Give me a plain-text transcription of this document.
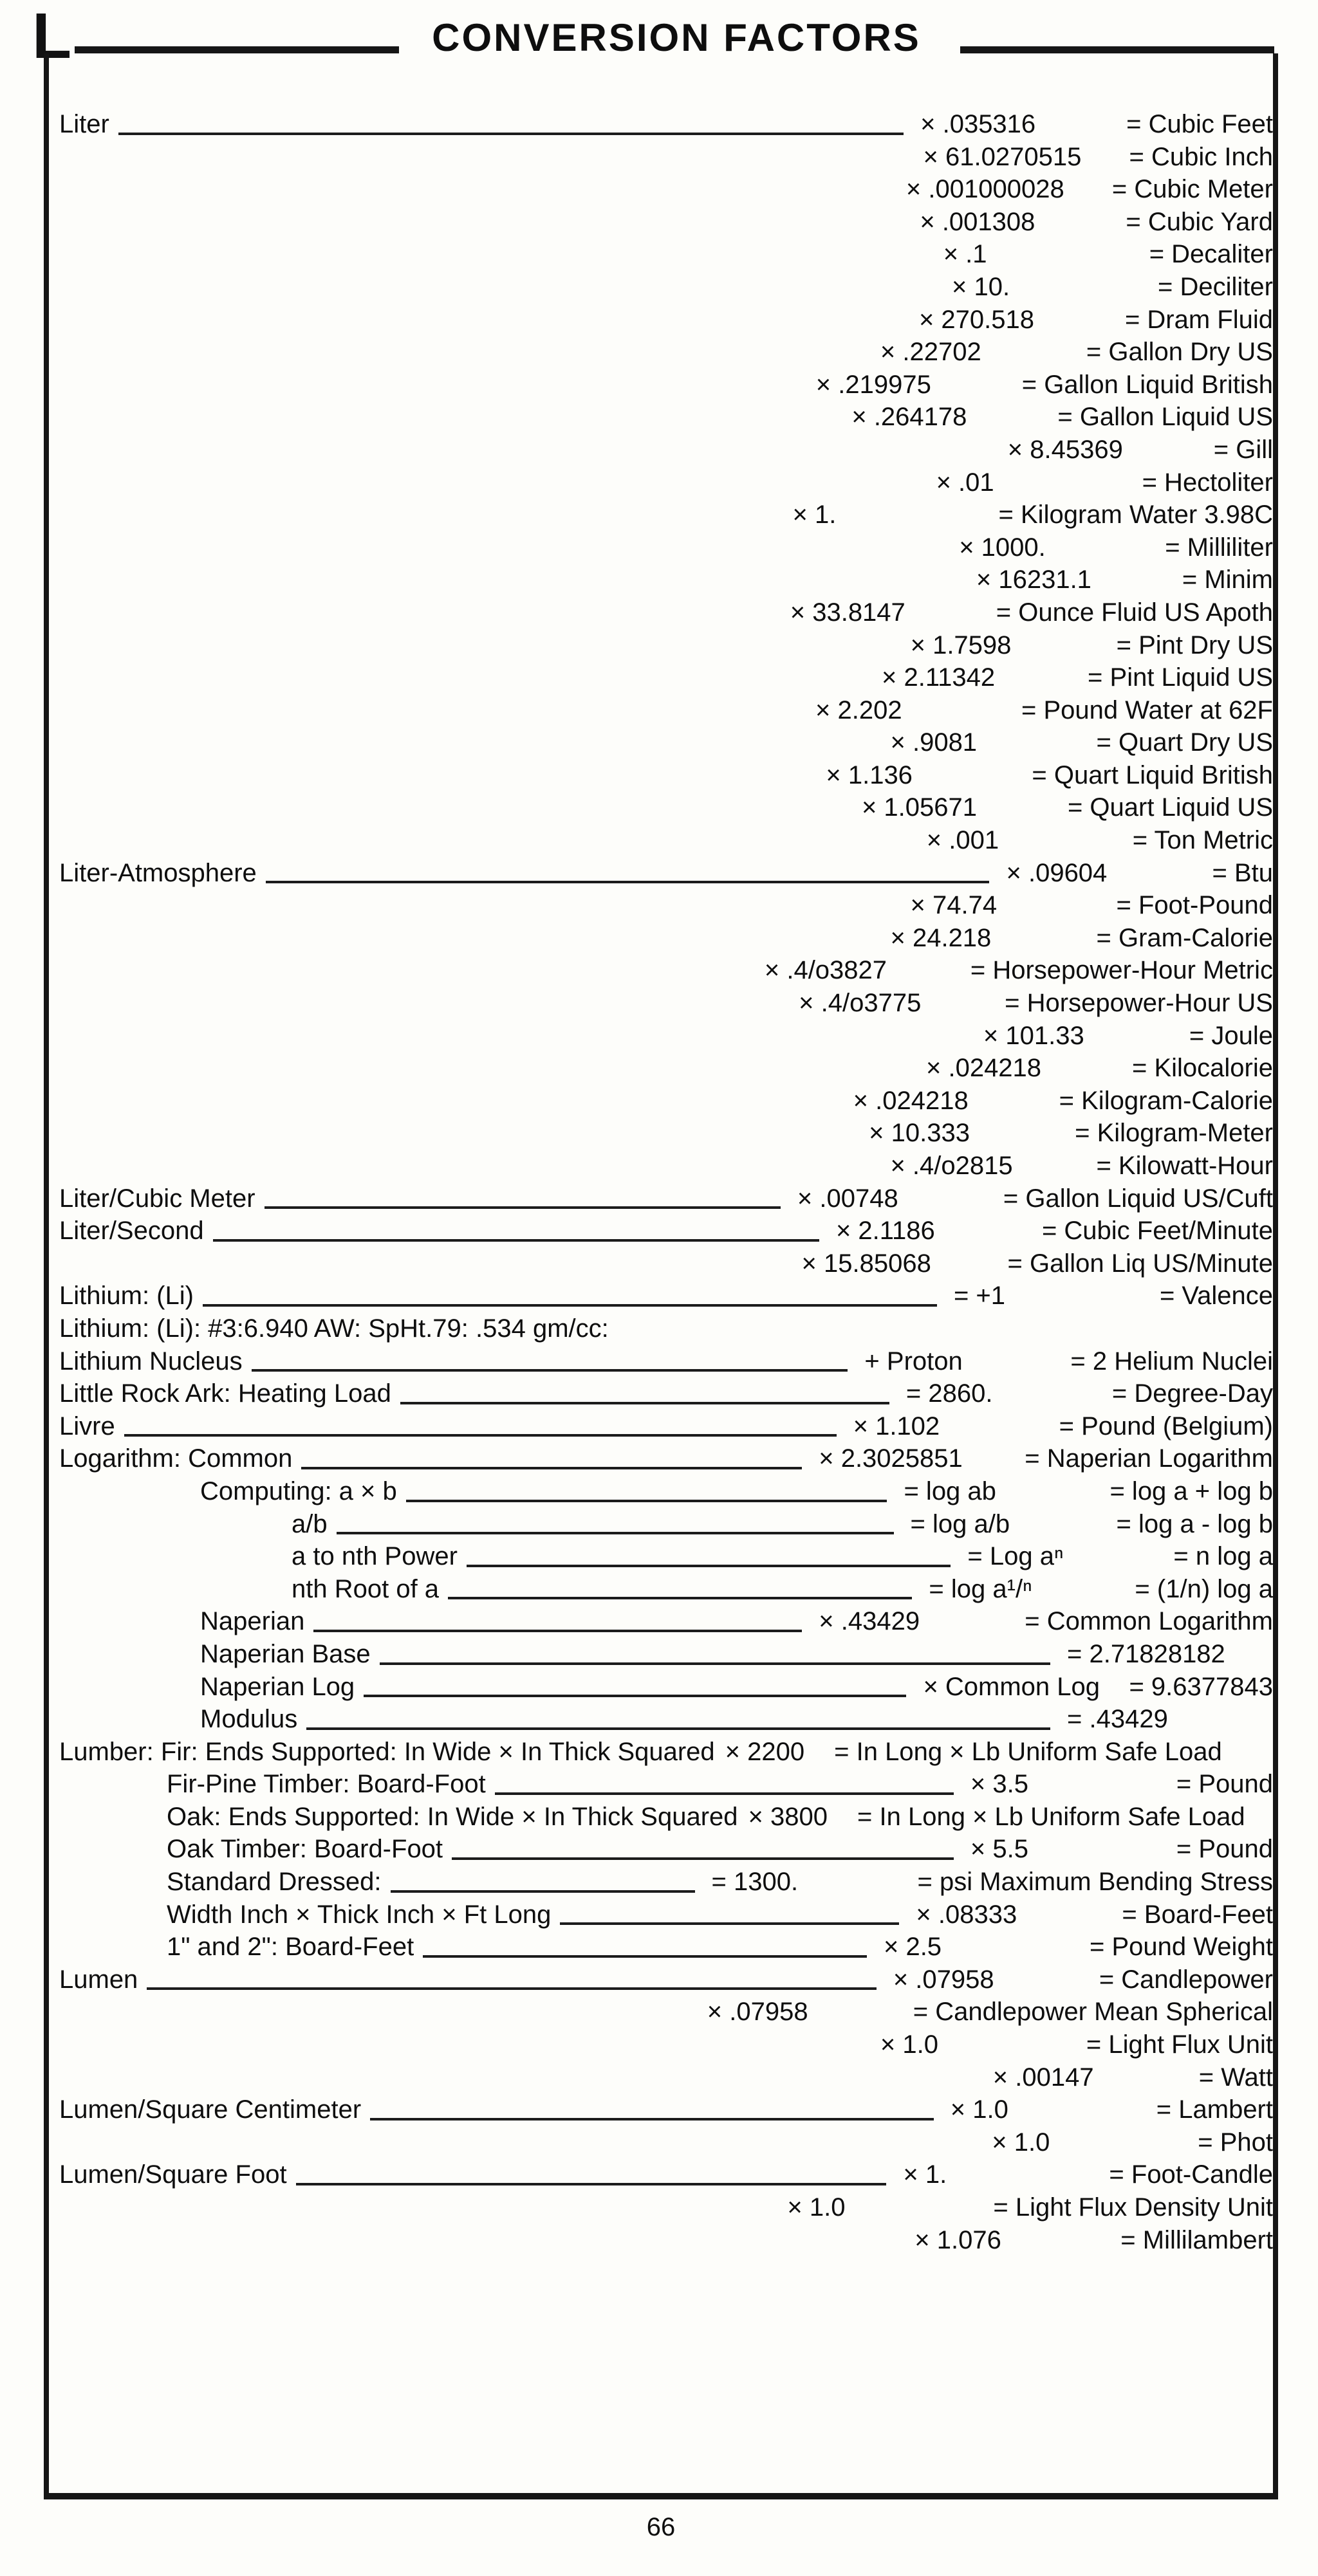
L	CONVERSION FACTORS
Liter	× .035316	= Cubic Feet
× 61.0270515	= Cubic Inch
× .001000028	= Cubic Meter
× .001308	= Cubic Yard
× .1	= Decaliter
× 10.	= Deciliter
× 270.518	= Dram Fluid
× .22702	= Gallon Dry US
× .219975	= Gallon Liquid British
× .264178	= Gallon Liquid US
× 8.45369	= Gill
× .01	= Hectoliter
× 1.	= Kilogram Water 3.98C
× 1000.	= Milliliter
× 16231.1	= Minim
× 33.8147	= Ounce Fluid US Apoth
× 1.7598	= Pint Dry US
× 2.11342	= Pint Liquid US
× 2.202	= Pound Water at 62F
× .9081	= Quart Dry US
× 1.136	= Quart Liquid British
× 1.05671	= Quart Liquid US
× .001	= Ton Metric
Liter-Atmosphere	× .09604	= Btu
× 74.74	= Foot-Pound
× 24.218	= Gram-Calorie
× .4/o3827	= Horsepower-Hour Metric
× .4/o3775	= Horsepower-Hour US
× 101.33	= Joule
× .024218	= Kilocalorie
× .024218	= Kilogram-Calorie
× 10.333	= Kilogram-Meter
× .4/o2815	= Kilowatt-Hour
Liter/Cubic Meter	× .00748	= Gallon Liquid US/Cuft
Liter/Second	× 2.1186	= Cubic Feet/Minute
× 15.85068	= Gallon Liq US/Minute
Lithium: (Li)	= +1	= Valence
Lithium: (Li): #3:6.940 AW: SpHt.79: .534 gm/cc:
Lithium Nucleus	+ Proton	= 2 Helium Nuclei
Little Rock Ark: Heating Load	= 2860.	= Degree-Day
Livre	× 1.102	= Pound (Belgium)
Logarithm: Common	× 2.3025851	= Naperian Logarithm
Computing: a × b	= log ab	= log a + log b
a/b	= log a/b	= log a - log b
a to nth Power	= Log aⁿ	= n log a
nth Root of a	= log a¹/ⁿ	= (1/n) log a
Naperian	× .43429	= Common Logarithm
Naperian Base	= 2.71828182
Naperian Log	× Common Log	= 9.6377843
Modulus	= .43429
Lumber: Fir: Ends Supported: In Wide × In Thick Squared × 2200 = In Long × Lb Uniform Safe Load
Fir-Pine Timber: Board-Foot	× 3.5	= Pound
Oak: Ends Supported: In Wide × In Thick Squared × 3800 = In Long × Lb Uniform Safe Load
Oak Timber: Board-Foot	× 5.5	= Pound
Standard Dressed:	= 1300.	= psi Maximum Bending Stress
Width Inch × Thick Inch × Ft Long	× .08333	= Board-Feet
1" and 2": Board-Feet	× 2.5	= Pound Weight
Lumen	× .07958	= Candlepower
× .07958	= Candlepower Mean Spherical
× 1.0	= Light Flux Unit
× .00147	= Watt
Lumen/Square Centimeter	× 1.0	= Lambert
× 1.0	= Phot
Lumen/Square Foot	× 1.	= Foot-Candle
× 1.0	= Light Flux Density Unit
× 1.076	= Millilambert
66
